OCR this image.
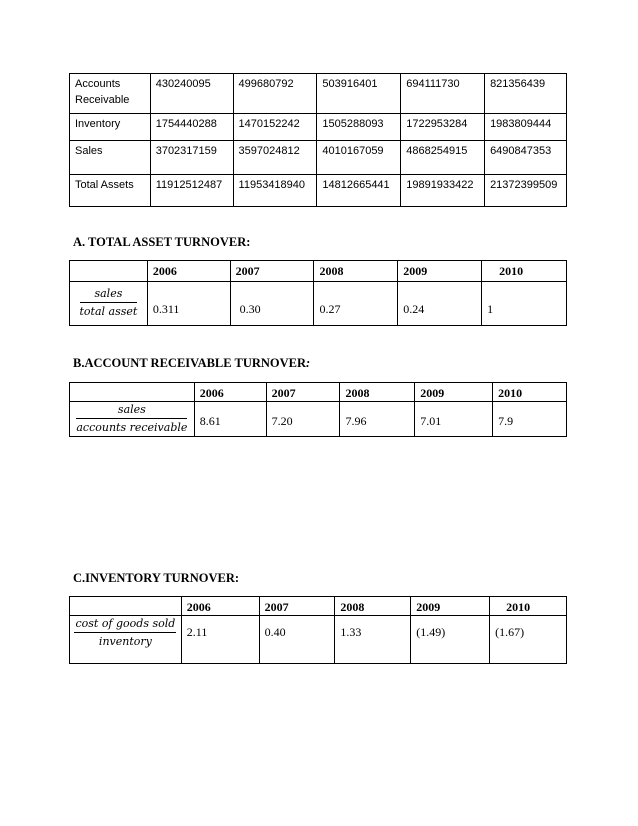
Accounts Receivable	430240095	499680792	503916401	694111730	821356439
Inventory	1754440288	1470152242	1505288093	1722953284	1983809444
Sales	3702317159	3597024812	4010167059	4868254915	6490847353
Total Assets	11912512487	11953418940	14812665441	19891933422	21372399509
A. TOTAL ASSET TURNOVER:
	2006	2007	2008	2009	2010

$\frac{\text{sales}}{\text{total asset}}$	0.311	0.30	0.27	0.24	1
B.ACCOUNT RECEIVABLE TURNOVER:
	2006	2007	2008	2009	2010

$\frac{\text{sales}}{\text{accounts receivable}}$	8.61	7.20	7.96	7.01	7.9
C.INVENTORY TURNOVER:
	2006	2007	2008	2009	2010

$\frac{\text{cost of goods sold}}{\text{inventory}}$	2.11	0.40	1.33	(1.49)	(1.67)
